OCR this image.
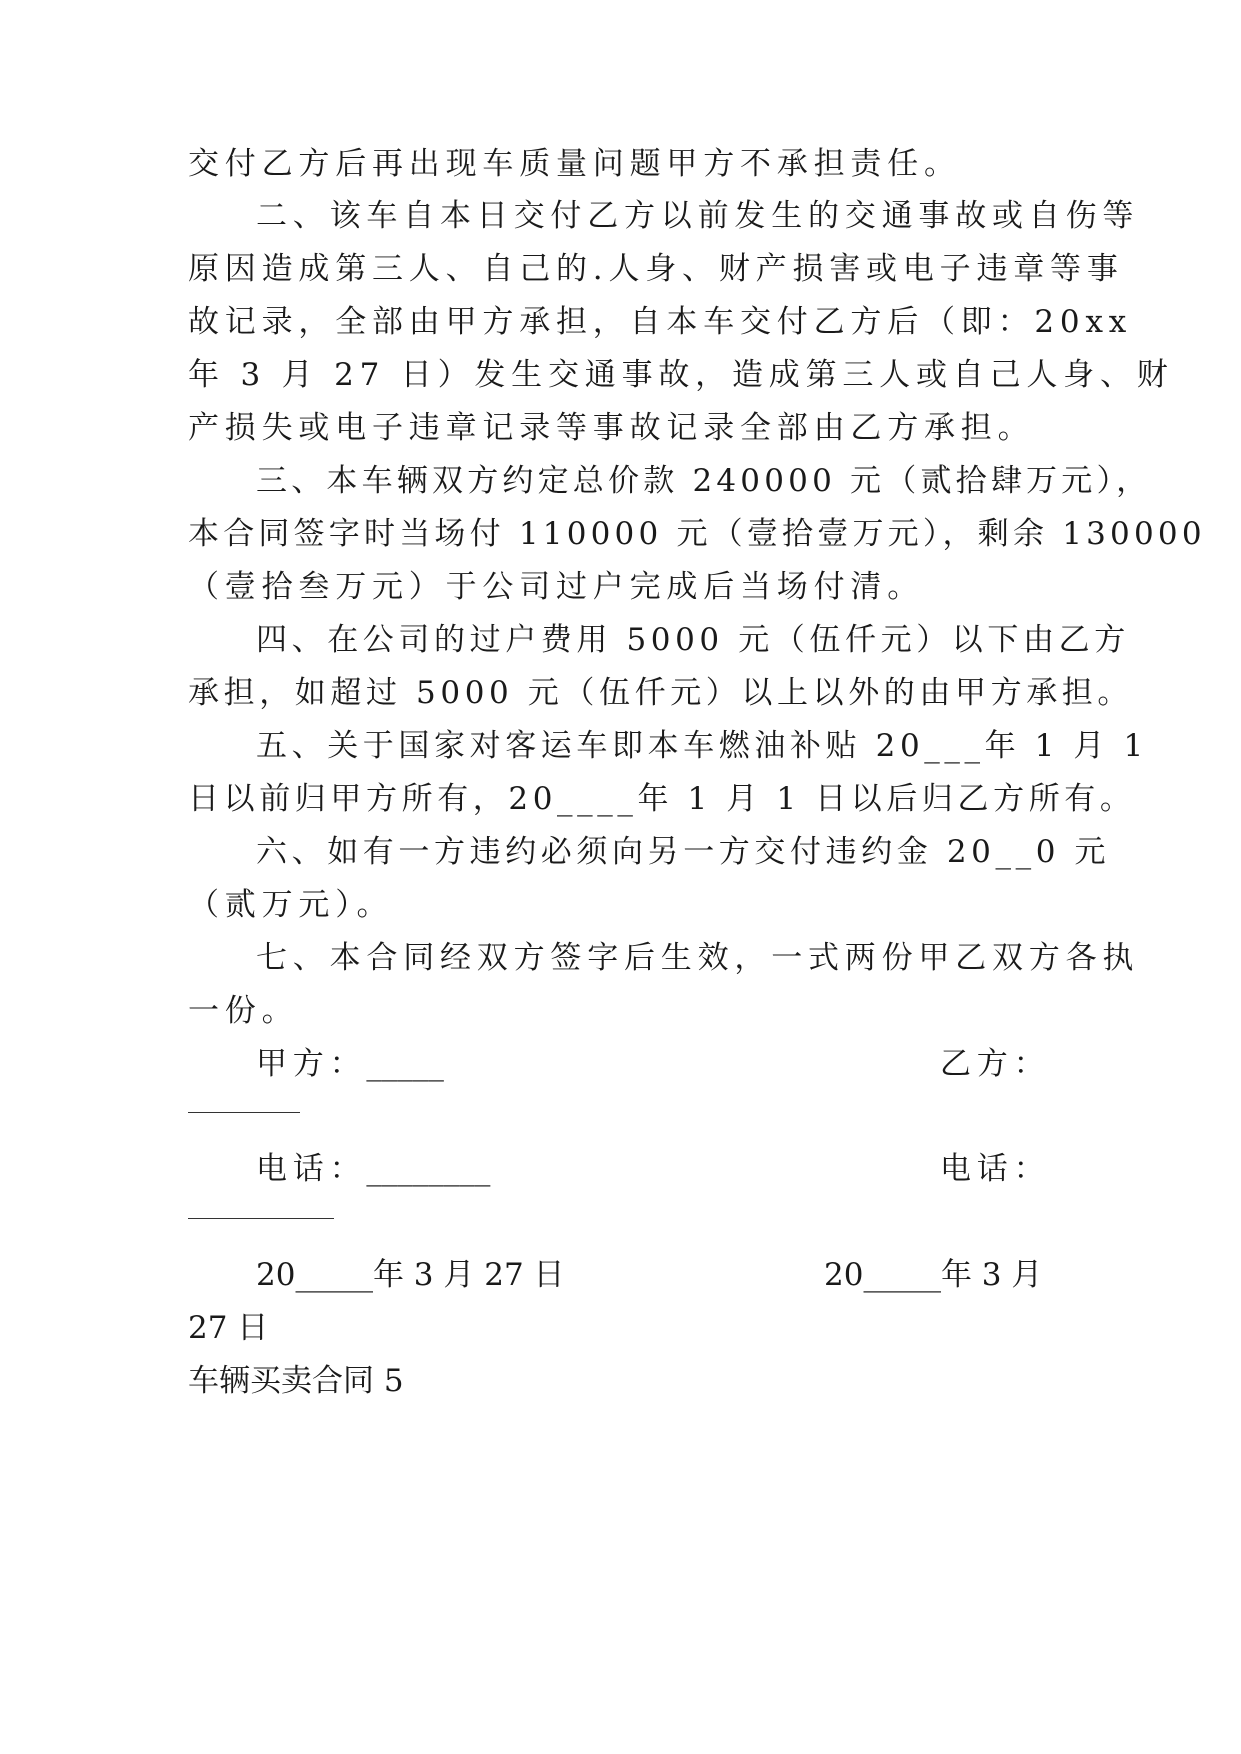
交付乙方后再出现车质量问题甲方不承担责任。
二、该车自本日交付乙方以前发生的交通事故或自伤等
原因造成第三人、自己的.人身、财产损害或电子违章等事
故记录，全部由甲方承担，自本车交付乙方后（即：20xx
年 3 月 27 日）发生交通事故，造成第三人或自己人身、财
产损失或电子违章记录等事故记录全部由乙方承担。
三、本车辆双方约定总价款 240000 元（贰拾肆万元），
本合同签字时当场付 110000 元（壹拾壹万元），剩余 130000
（壹拾叁万元）于公司过户完成后当场付清。
四、在公司的过户费用 5000 元（伍仟元）以下由乙方
承担，如超过 5000 元（伍仟元）以上以外的由甲方承担。
五、关于国家对客运车即本车燃油补贴 20___年 1 月 1
日以前归甲方所有，20____年 1 月 1 日以后归乙方所有。
六、如有一方违约必须向另一方交付违约金 20__0 元
（贰万元）。
七、本合同经双方签字后生效，一式两份甲乙双方各执
一份。
甲方：_____	乙方：
电话：________	电话：
20_____年 3 月 27 日	20_____年 3 月
27 日
车辆买卖合同 5
